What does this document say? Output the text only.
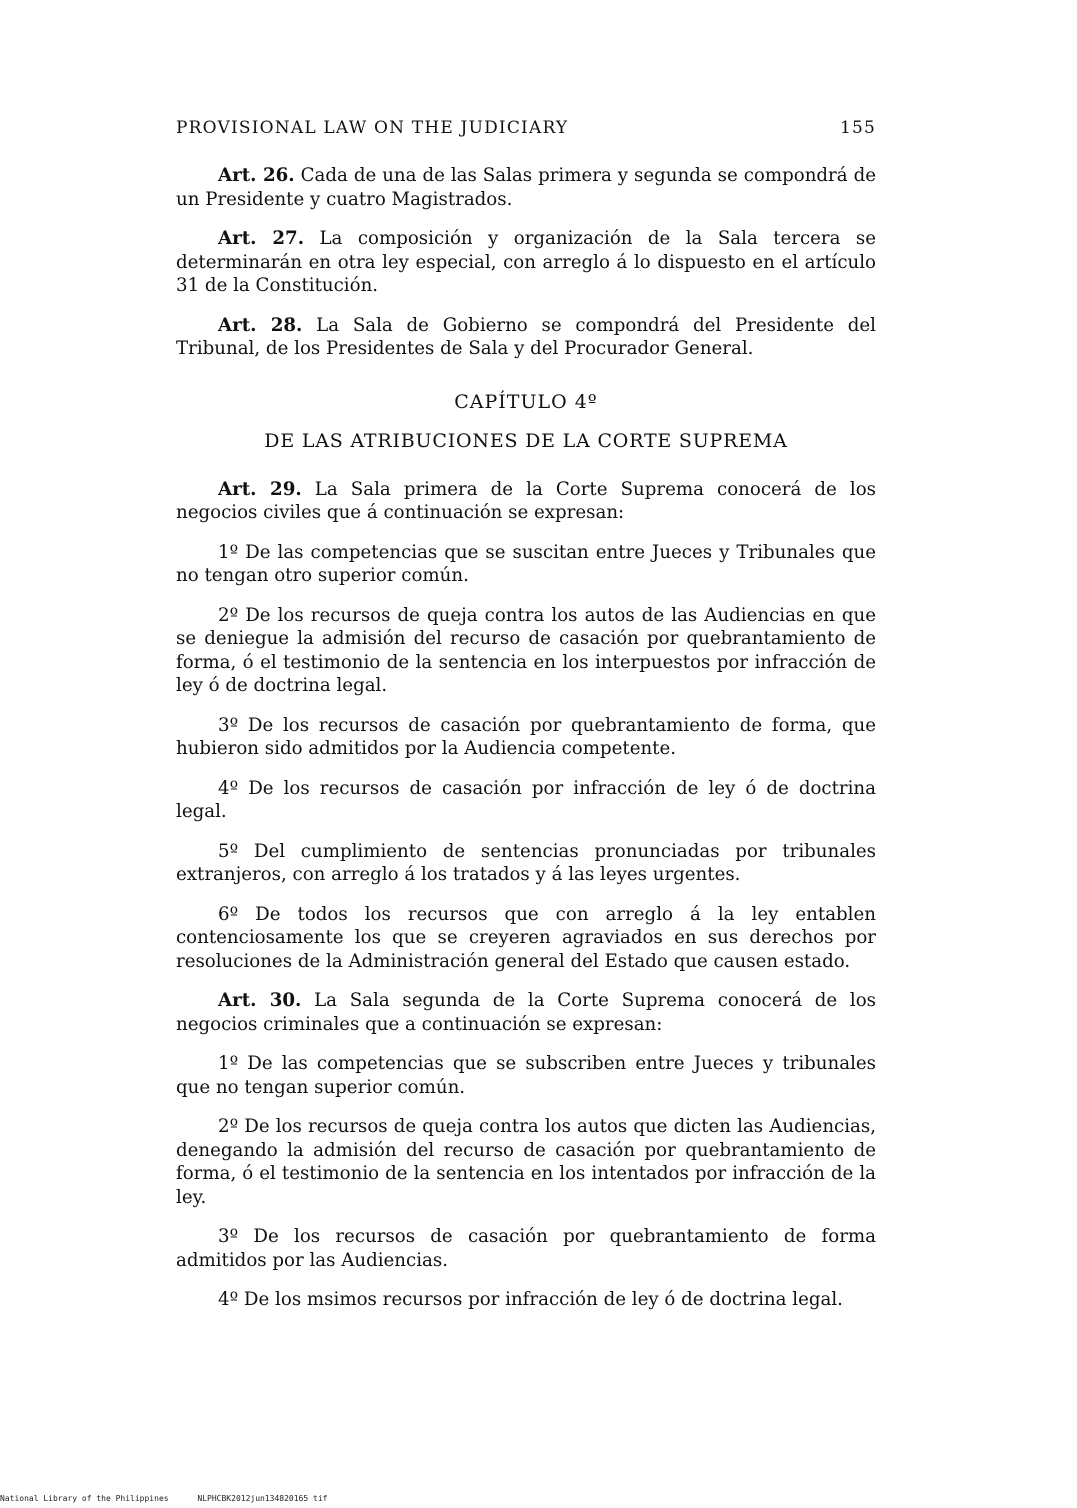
PROVISIONAL LAW ON THE JUDICIARY	155

Art. 26. Cada de una de las Salas primera y segunda se compondrá de un Presidente y cuatro Magistrados.

Art. 27. La composición y organización de la Sala tercera se determinarán en otra ley especial, con arreglo á lo dispuesto en el artículo 31 de la Constitución.

Art. 28. La Sala de Gobierno se compondrá del Presidente del Tribunal, de los Presidentes de Sala y del Procurador General.

CAPÍTULO 4º
DE LAS ATRIBUCIONES DE LA CORTE SUPREMA

Art. 29. La Sala primera de la Corte Suprema conocerá de los negocios civiles que á continuación se expresan:

1º De las competencias que se suscitan entre Jueces y Tribunales que no tengan otro superior común.

2º De los recursos de queja contra los autos de las Audiencias en que se deniegue la admisión del recurso de casación por quebrantamiento de forma, ó el testimonio de la sentencia en los interpuestos por infracción de ley ó de doctrina legal.

3º De los recursos de casación por quebrantamiento de forma, que hubieron sido admitidos por la Audiencia competente.

4º De los recursos de casación por infracción de ley ó de doctrina legal.

5º Del cumplimiento de sentencias pronunciadas por tribunales extranjeros, con arreglo á los tratados y á las leyes urgentes.

6º De todos los recursos que con arreglo á la ley entablen contenciosamente los que se creyeren agraviados en sus derechos por resoluciones de la Administración general del Estado que causen estado.

Art. 30. La Sala segunda de la Corte Suprema conocerá de los negocios criminales que a continuación se expresan:

1º De las competencias que se subscriben entre Jueces y tribunales que no tengan superior común.

2º De los recursos de queja contra los autos que dicten las Audiencias, denegando la admisión del recurso de casación por quebrantamiento de forma, ó el testimonio de la sentencia en los intentados por infracción de la ley.

3º De los recursos de casación por quebrantamiento de forma admitidos por las Audiencias.

4º De los msimos recursos por infracción de ley ó de doctrina legal.

National Library of the Philippines	NLPHCBK2012jun134820165 tif
